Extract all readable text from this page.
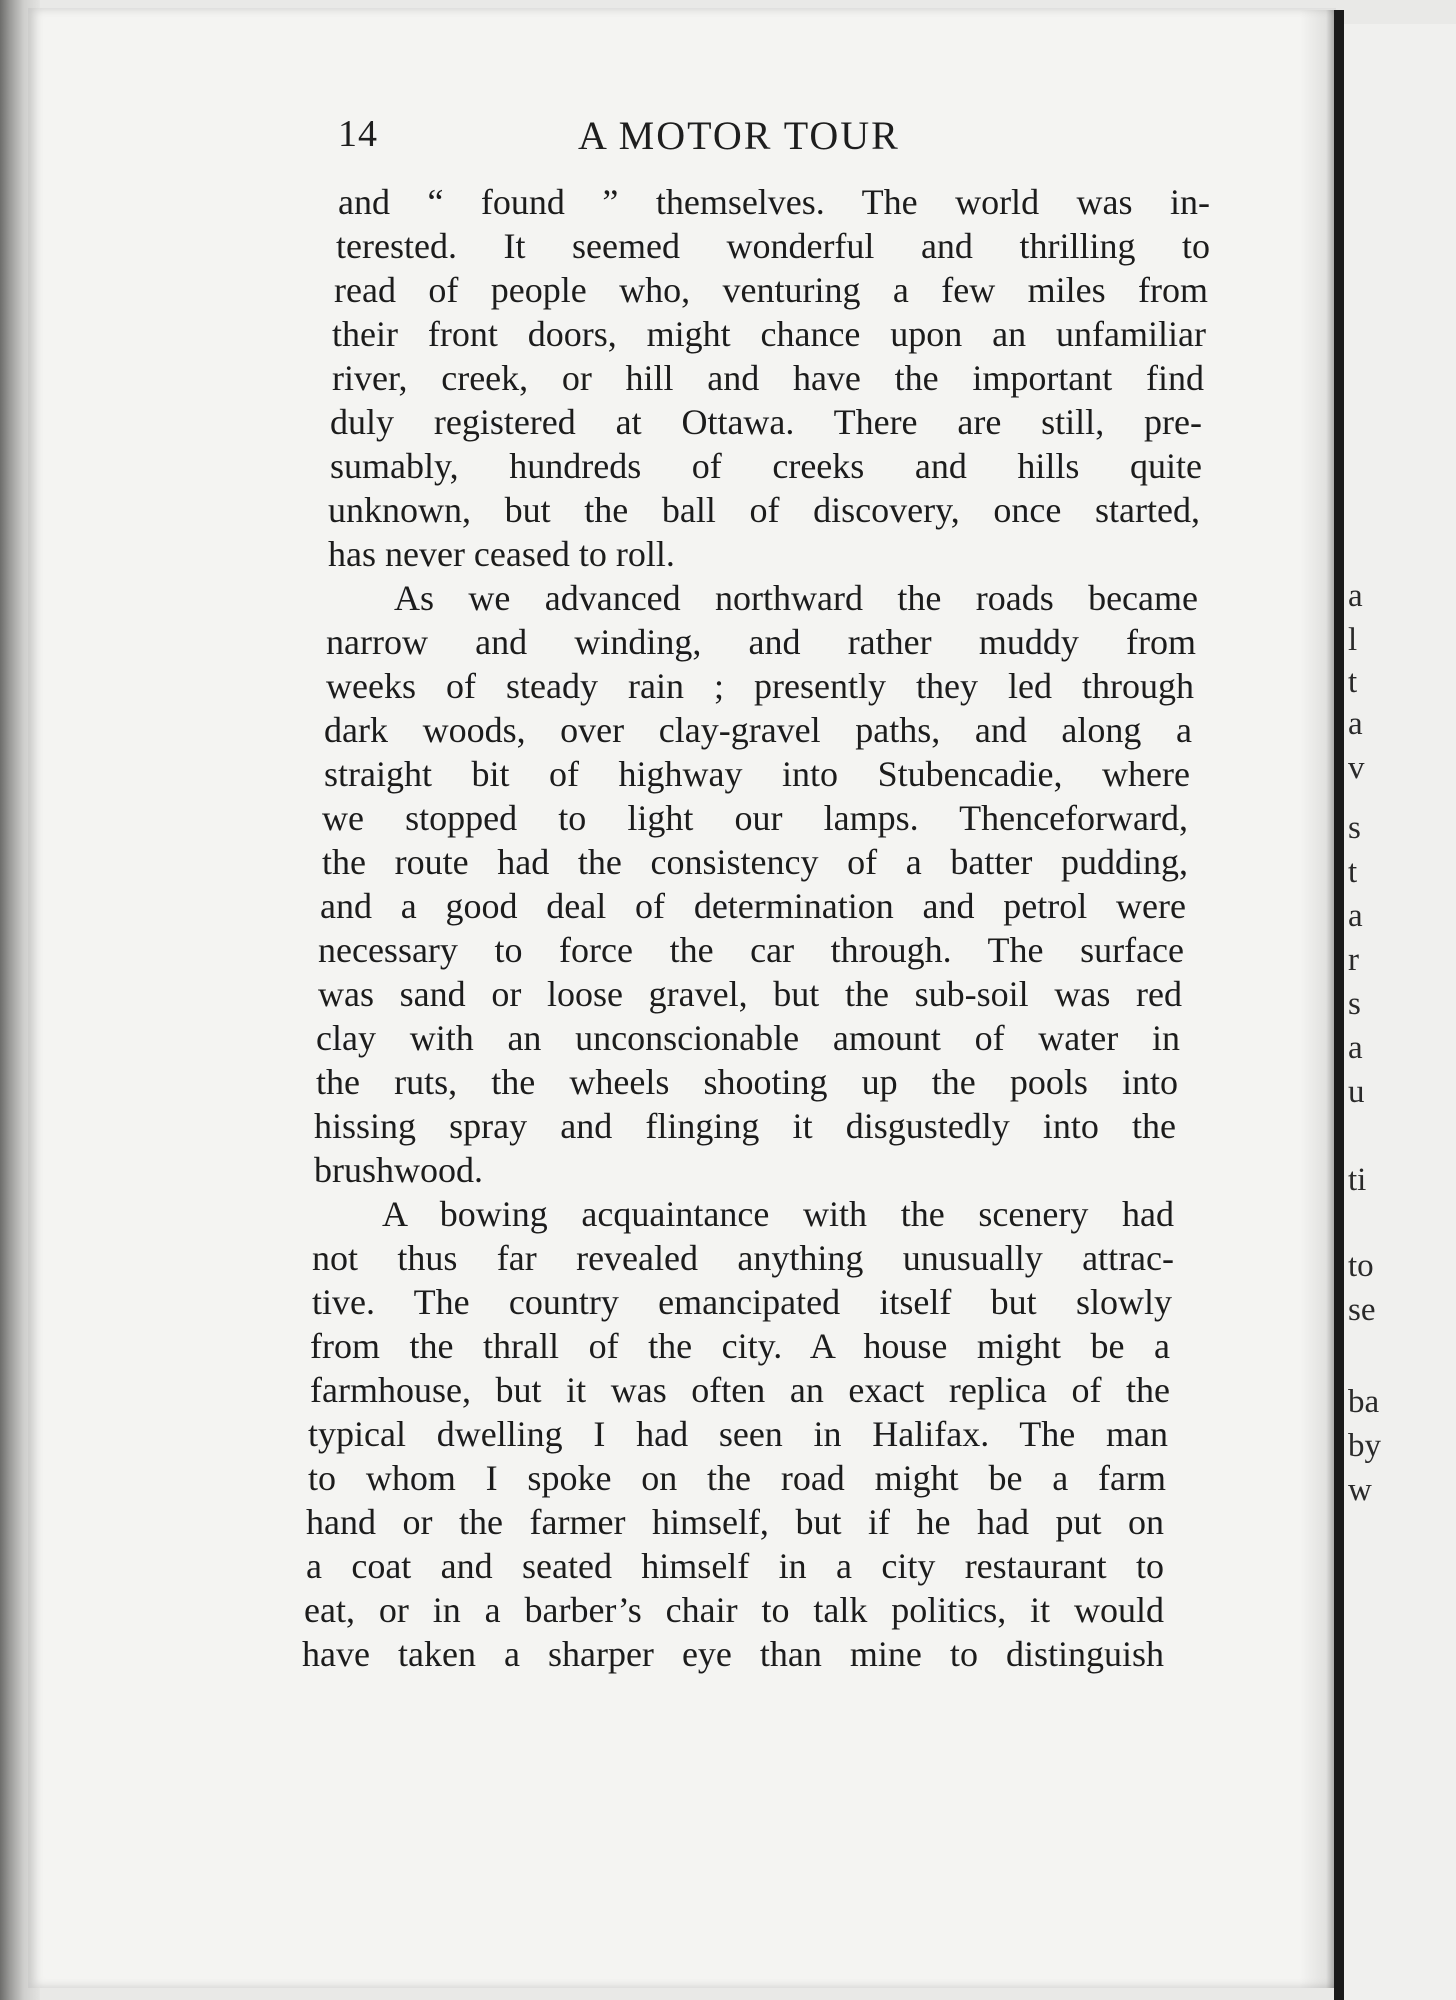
a
l
t
a
v
s
t
a
r
s
a
u
ti
to
se
ba
by
w
14	A MOTOR TOUR
and “ found ” themselves. The world was in-
terested. It seemed wonderful and thrilling to
read of people who, venturing a few miles from
their front doors, might chance upon an unfamiliar
river, creek, or hill and have the important find
duly registered at Ottawa. There are still, pre-
sumably, hundreds of creeks and hills quite
unknown, but the ball of discovery, once started,
has never ceased to roll.
As we advanced northward the roads became
narrow and winding, and rather muddy from
weeks of steady rain ; presently they led through
dark woods, over clay-gravel paths, and along a
straight bit of highway into Stubencadie, where
we stopped to light our lamps. Thenceforward,
the route had the consistency of a batter pudding,
and a good deal of determination and petrol were
necessary to force the car through. The surface
was sand or loose gravel, but the sub-soil was red
clay with an unconscionable amount of water in
the ruts, the wheels shooting up the pools into
hissing spray and flinging it disgustedly into the
brushwood.
A bowing acquaintance with the scenery had
not thus far revealed anything unusually attrac-
tive. The country emancipated itself but slowly
from the thrall of the city. A house might be a
farmhouse, but it was often an exact replica of the
typical dwelling I had seen in Halifax. The man
to whom I spoke on the road might be a farm
hand or the farmer himself, but if he had put on
a coat and seated himself in a city restaurant to
eat, or in a barber’s chair to talk politics, it would
have taken a sharper eye than mine to distinguish
